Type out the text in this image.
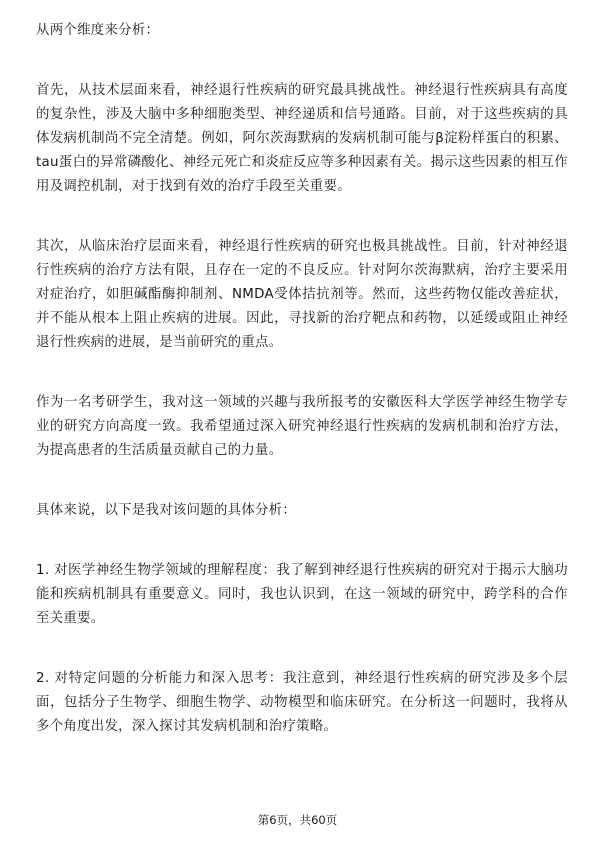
从两个维度来分析：

首先，从技术层面来看，神经退行性疾病的研究最具挑战性。神经退行性疾病具有高度的复杂性，涉及大脑中多种细胞类型、神经递质和信号通路。目前，对于这些疾病的具体发病机制尚不完全清楚。例如，阿尔茨海默病的发病机制可能与β淀粉样蛋白的积累、tau蛋白的异常磷酸化、神经元死亡和炎症反应等多种因素有关。揭示这些因素的相互作用及调控机制，对于找到有效的治疗手段至关重要。

其次，从临床治疗层面来看，神经退行性疾病的研究也极具挑战性。目前，针对神经退行性疾病的治疗方法有限，且存在一定的不良反应。针对阿尔茨海默病，治疗主要采用对症治疗，如胆碱酯酶抑制剂、NMDA受体拮抗剂等。然而，这些药物仅能改善症状，并不能从根本上阻止疾病的进展。因此，寻找新的治疗靶点和药物，以延缓或阻止神经退行性疾病的进展，是当前研究的重点。

作为一名考研学生，我对这一领域的兴趣与我所报考的安徽医科大学医学神经生物学专业的研究方向高度一致。我希望通过深入研究神经退行性疾病的发病机制和治疗方法，为提高患者的生活质量贡献自己的力量。

具体来说，以下是我对该问题的具体分析：

1. 对医学神经生物学领域的理解程度：我了解到神经退行性疾病的研究对于揭示大脑功能和疾病机制具有重要意义。同时，我也认识到，在这一领域的研究中，跨学科的合作至关重要。

2. 对特定问题的分析能力和深入思考：我注意到，神经退行性疾病的研究涉及多个层面，包括分子生物学、细胞生物学、动物模型和临床研究。在分析这一问题时，我将从多个角度出发，深入探讨其发病机制和治疗策略。

第6页，共60页
